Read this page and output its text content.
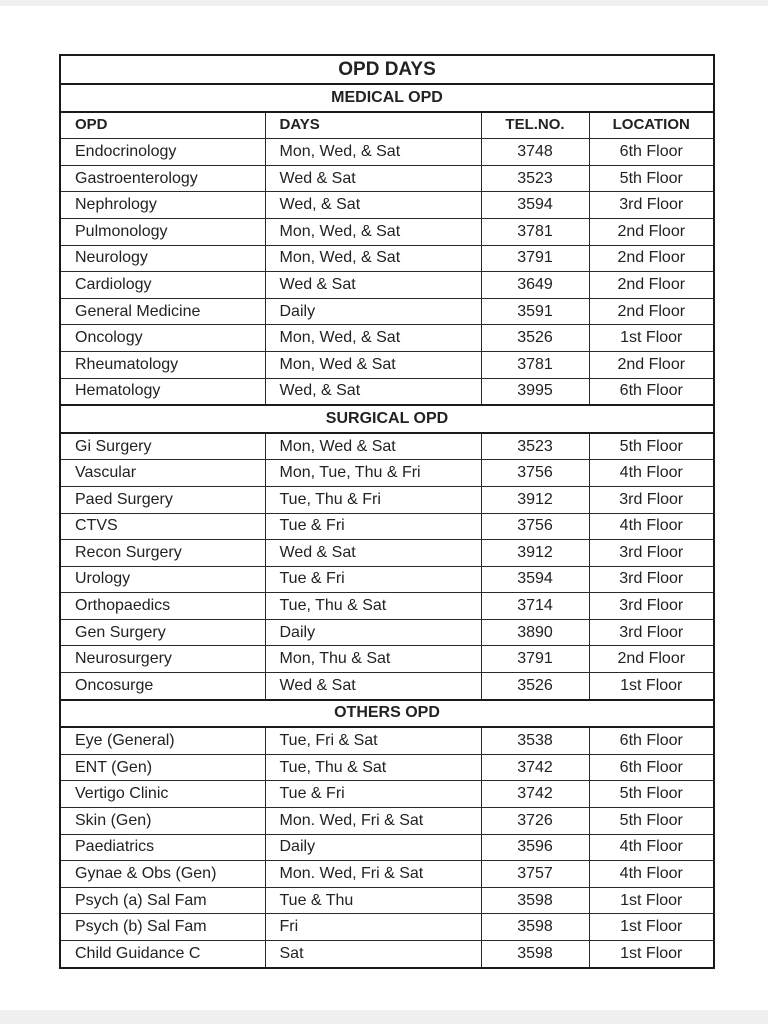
OPD DAYS			
MEDICAL OPD			
OPD	DAYS	TEL.NO.	LOCATION
Endocrinology	Mon, Wed, & Sat	3748	6th Floor
Gastroenterology	Wed & Sat	3523	5th Floor
Nephrology	Wed, & Sat	3594	3rd Floor
Pulmonology	Mon, Wed, & Sat	3781	2nd Floor
Neurology	Mon, Wed, & Sat	3791	2nd Floor
Cardiology	Wed & Sat	3649	2nd Floor
General Medicine	Daily	3591	2nd Floor
Oncology	Mon, Wed, & Sat	3526	1st Floor
Rheumatology	Mon, Wed & Sat	3781	2nd Floor
Hematology	Wed, & Sat	3995	6th Floor
SURGICAL OPD			
Gi Surgery	Mon, Wed & Sat	3523	5th Floor
Vascular	Mon, Tue, Thu & Fri	3756	4th Floor
Paed Surgery	Tue, Thu & Fri	3912	3rd Floor
CTVS	Tue & Fri	3756	4th Floor
Recon Surgery	Wed & Sat	3912	3rd Floor
Urology	Tue & Fri	3594	3rd Floor
Orthopaedics	Tue, Thu & Sat	3714	3rd Floor
Gen Surgery	Daily	3890	3rd Floor
Neurosurgery	Mon, Thu & Sat	3791	2nd Floor
Oncosurge	Wed & Sat	3526	1st Floor
OTHERS OPD			
Eye (General)	Tue, Fri & Sat	3538	6th Floor
ENT (Gen)	Tue, Thu & Sat	3742	6th Floor
Vertigo Clinic	Tue & Fri	3742	5th Floor
Skin (Gen)	Mon. Wed, Fri & Sat	3726	5th Floor
Paediatrics	Daily	3596	4th Floor
Gynae & Obs (Gen)	Mon. Wed, Fri & Sat	3757	4th Floor
Psych (a) Sal Fam	Tue & Thu	3598	1st Floor
Psych (b) Sal Fam	Fri	3598	1st Floor
Child Guidance C	Sat	3598	1st Floor
